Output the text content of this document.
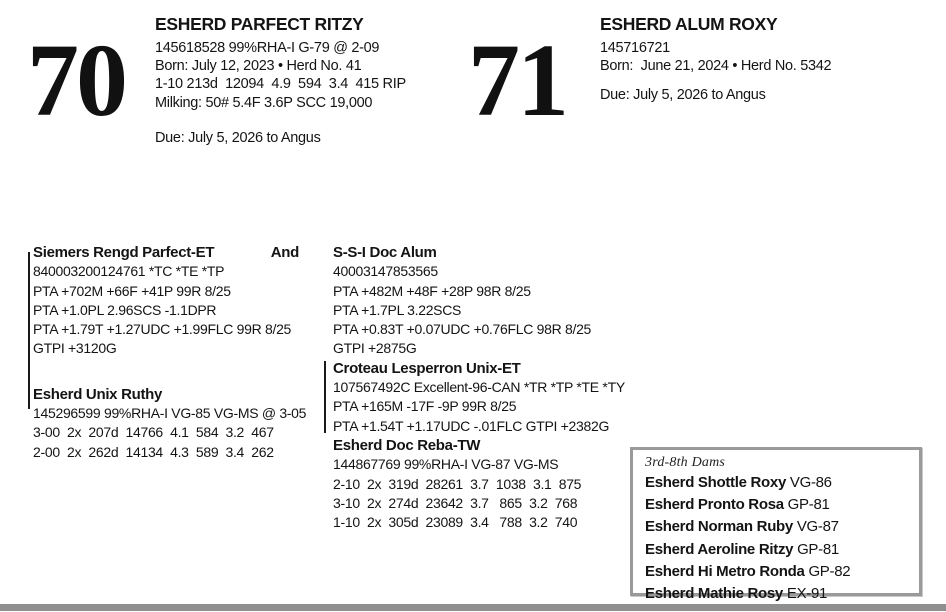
70 ESHERD PARFECT RITZY
145618528 99%RHA-I G-79 @ 2-09
Born: July 12, 2023 • Herd No. 41
1-10 213d  12094  4.9  594  3.4  415 RIP
Milking: 50# 5.4F 3.6P SCC 19,000
Due: July 5, 2026 to Angus	71 ESHERD ALUM ROXY
145716721
Born:  June 21, 2024 • Herd No. 5342
Due: July 5, 2026 to Angus
Siemers Rengd Parfect-ET	And
840003200124761 *TC *TE *TP
PTA +702M +66F +41P 99R 8/25
PTA +1.0PL 2.96SCS -1.1DPR
PTA +1.79T +1.27UDC +1.99FLC 99R 8/25
GTPI +3120G
Esherd Unix Ruthy
145296599 99%RHA-I VG-85 VG-MS @ 3-05
3-00  2x  207d  14766  4.1  584  3.2  467
2-00  2x  262d  14134  4.3  589  3.4  262
S-S-I Doc Alum
40003147853565
PTA +482M +48F +28P 98R 8/25
PTA +1.7PL 3.22SCS
PTA +0.83T +0.07UDC +0.76FLC 98R 8/25
GTPI +2875G
Croteau Lesperron Unix-ET
107567492C Excellent-96-CAN *TR *TP *TE *TY
PTA +165M -17F -9P 99R 8/25
PTA +1.54T +1.17UDC -.01FLC GTPI +2382G
Esherd Doc Reba-TW
144867769 99%RHA-I VG-87 VG-MS
2-10  2x  319d  28261  3.7  1038  3.1  875
3-10  2x  274d  23642  3.7   865  3.2  768
1-10  2x  305d  23089  3.4   788  3.2  740
3rd-8th Dams
Esherd Shottle Roxy VG-86
Esherd Pronto Rosa GP-81
Esherd Norman Ruby VG-87
Esherd Aeroline Ritzy GP-81
Esherd Hi Metro Ronda GP-82
Esherd Mathie Rosy EX-91
